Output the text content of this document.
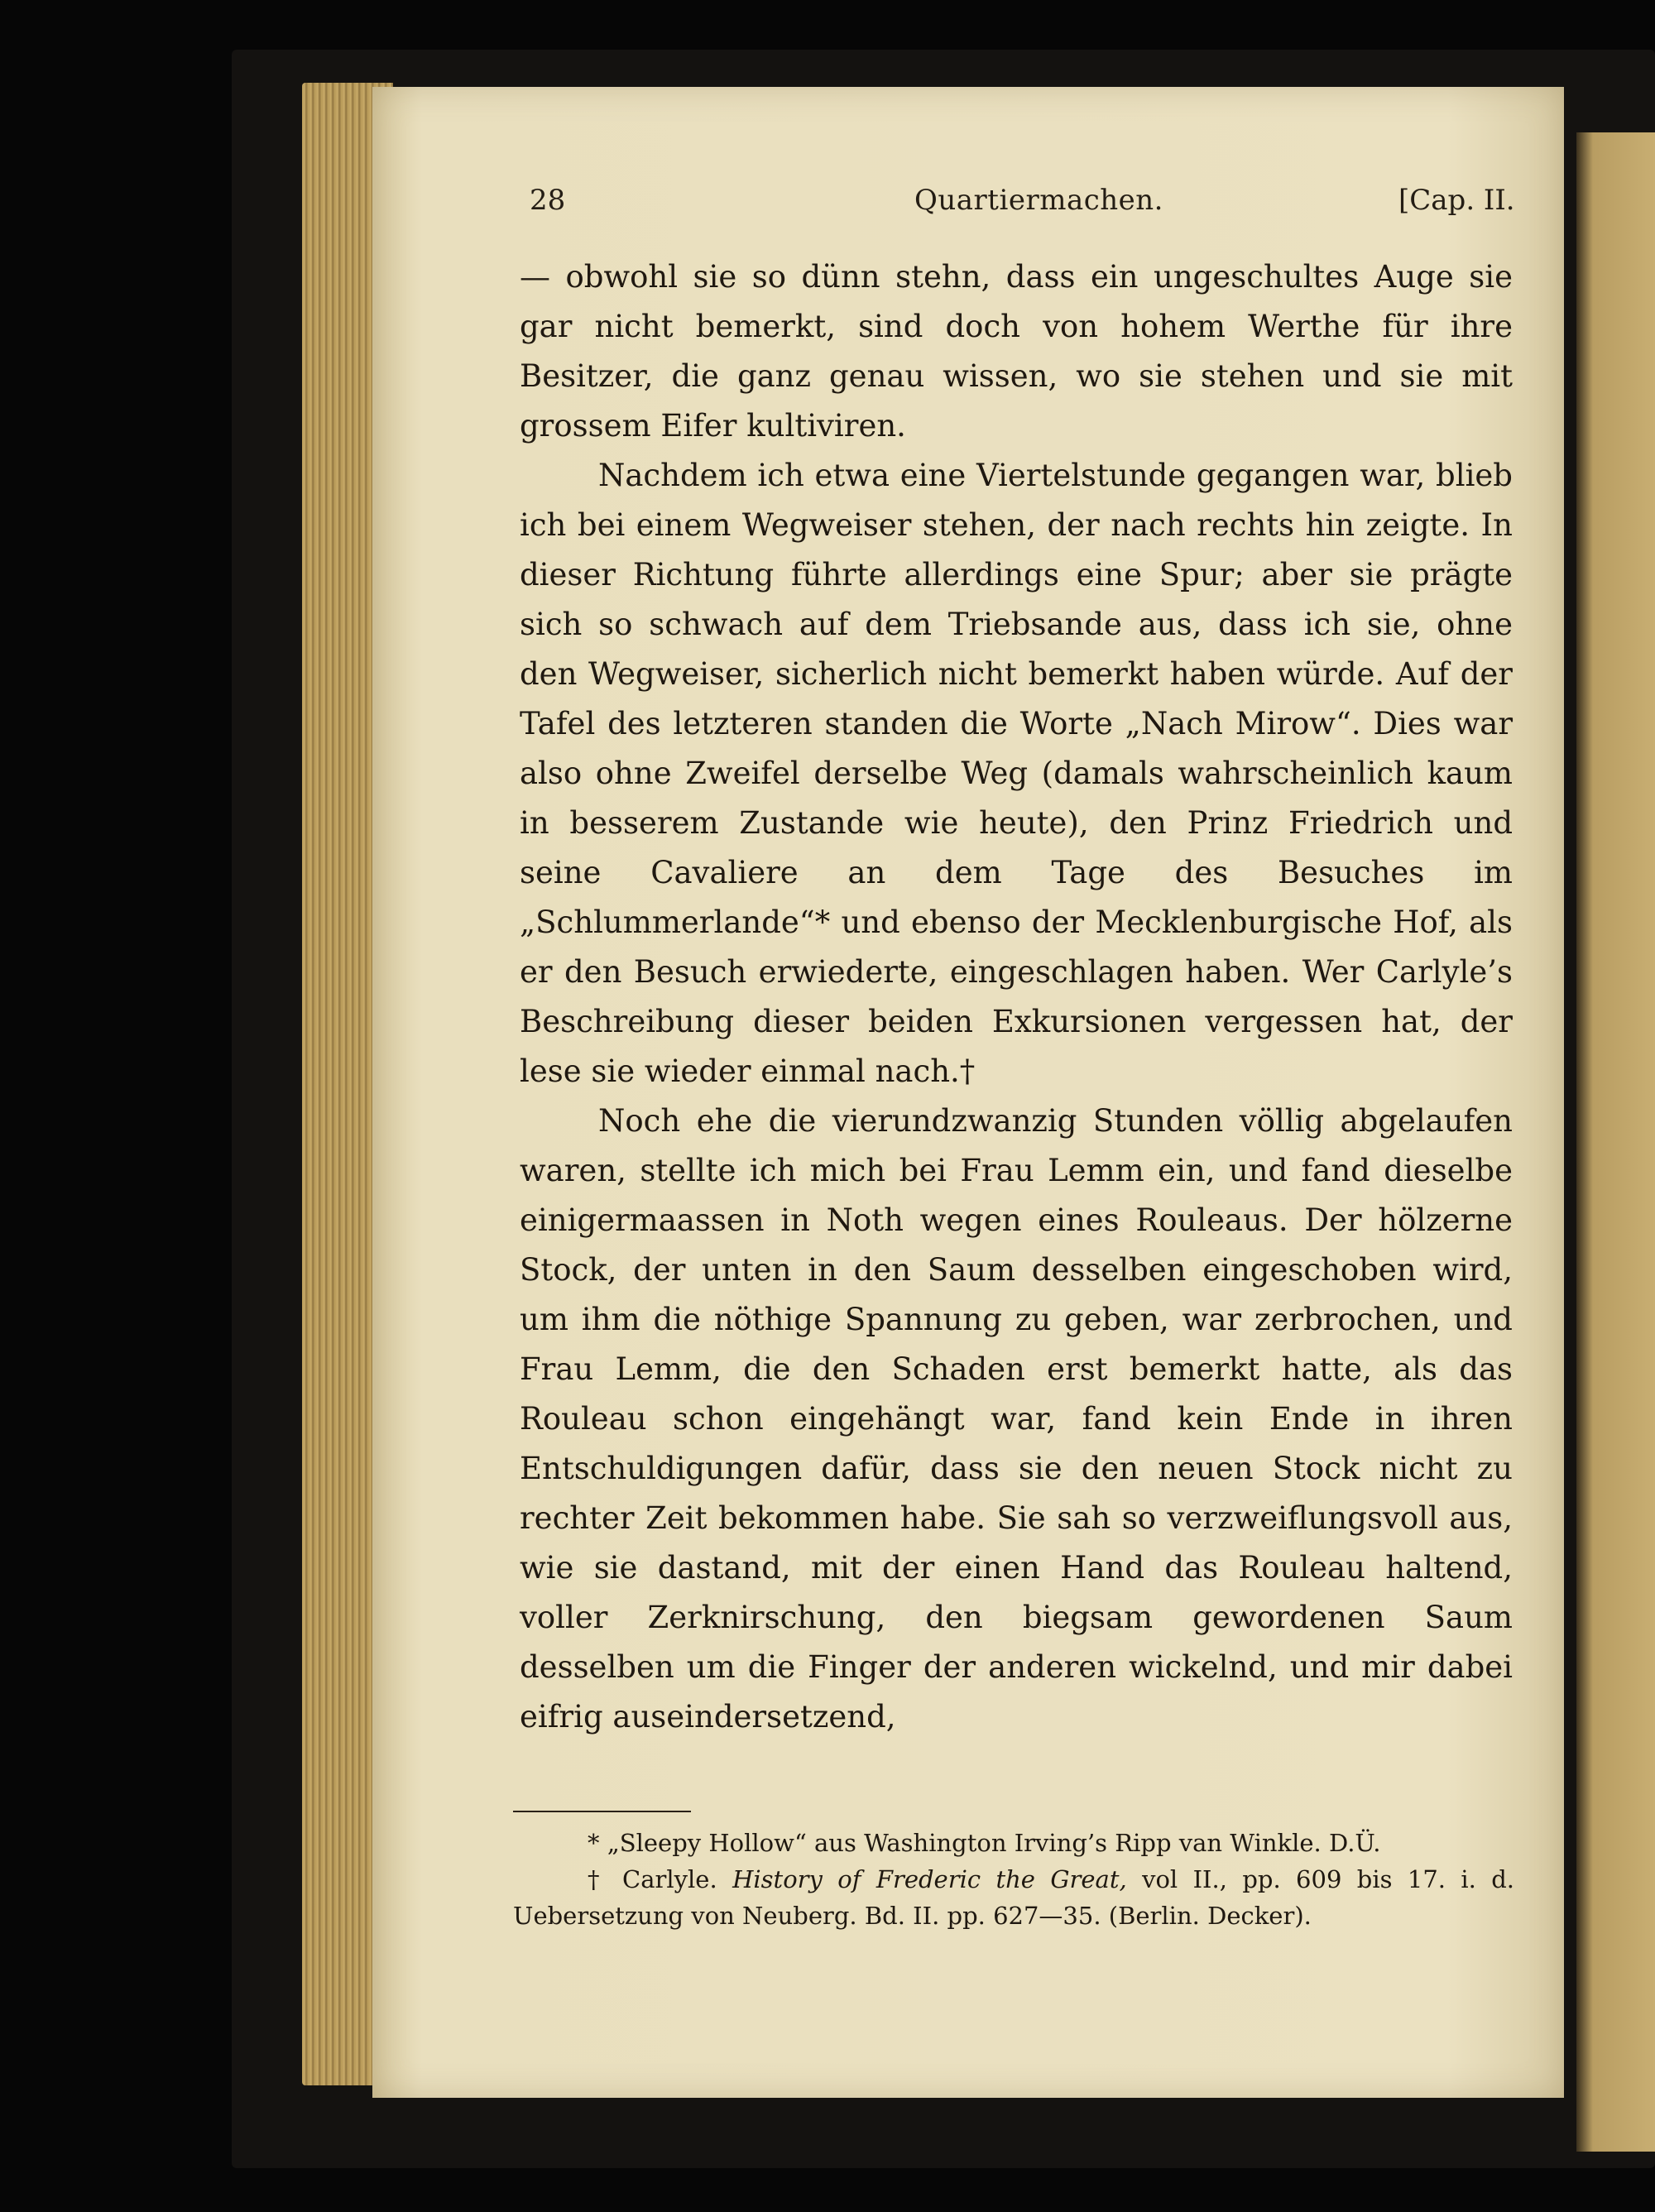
28	Quartiermachen.	[Cap. II.

— obwohl sie so dünn stehn, dass ein ungeschultes Auge sie gar nicht bemerkt, sind doch von hohem Werthe für ihre Besitzer, die ganz genau wissen, wo sie stehen und sie mit grossem Eifer kultiviren.

Nachdem ich etwa eine Viertelstunde gegangen war, blieb ich bei einem Wegweiser stehen, der nach rechts hin zeigte. In dieser Richtung führte allerdings eine Spur; aber sie prägte sich so schwach auf dem Triebsande aus, dass ich sie, ohne den Wegweiser, sicherlich nicht bemerkt haben würde. Auf der Tafel des letzteren standen die Worte „Nach Mirow“. Dies war also ohne Zweifel derselbe Weg (damals wahrscheinlich kaum in besserem Zustande wie heute), den Prinz Friedrich und seine Cavaliere an dem Tage des Besuches im „Schlummerlande“* und ebenso der Mecklenburgische Hof, als er den Besuch erwiederte, eingeschlagen haben. Wer Carlyle’s Beschreibung dieser beiden Exkursionen vergessen hat, der lese sie wieder einmal nach.†

Noch ehe die vierundzwanzig Stunden völlig abgelaufen waren, stellte ich mich bei Frau Lemm ein, und fand dieselbe einigermaassen in Noth wegen eines Rouleaus. Der hölzerne Stock, der unten in den Saum desselben eingeschoben wird, um ihm die nöthige Spannung zu geben, war zerbrochen, und Frau Lemm, die den Schaden erst bemerkt hatte, als das Rouleau schon eingehängt war, fand kein Ende in ihren Entschuldigungen dafür, dass sie den neuen Stock nicht zu rechter Zeit bekommen habe. Sie sah so verzweiflungsvoll aus, wie sie dastand, mit der einen Hand das Rouleau haltend, voller Zerknirschung, den biegsam gewordenen Saum desselben um die Finger der anderen wickelnd, und mir dabei eifrig auseindersetzend,

* „Sleepy Hollow“ aus Washington Irving’s Ripp van Winkle. D.Ü.

† Carlyle. History of Frederic the Great, vol II., pp. 609 bis 17. i. d. Uebersetzung von Neuberg. Bd. II. pp. 627—35. (Berlin. Decker).
